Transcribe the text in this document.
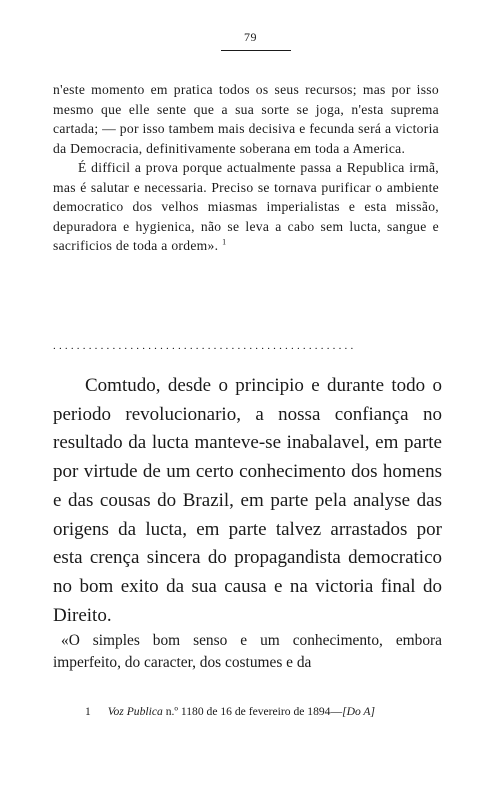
79

n'este momento em pratica todos os seus recursos; mas por isso mesmo que elle sente que a sua sorte se joga, n'esta suprema cartada; — por isso tambem mais decisiva e fecunda será a victoria da Democracia, definitivamente soberana em toda a America.

É difficil a prova porque actualmente passa a Republica irmã, mas é salutar e necessaria. Preciso se tornava purificar o ambiente democratico dos velhos miasmas imperialistas e esta missão, depuradora e hygienica, não se leva a cabo sem lucta, sangue e sacrificios de toda a ordem». $^1$

...................................................

Comtudo, desde o principio e durante todo o periodo revolucionario, a nossa confiança no resultado da lucta manteve-se inabalavel, em parte por virtude de um certo conhecimento dos homens e das cousas do Brazil, em parte pela analyse das origens da lucta, em parte talvez arrastados por esta crença sincera do propagandista democratico no bom exito da sua causa e na victoria final do Direito.

«O simples bom senso e um conhecimento, embora imperfeito, do caracter, dos costumes e da

1 Voz Publica n.º 1180 de 16 de fevereiro de 1894—[Do A]
